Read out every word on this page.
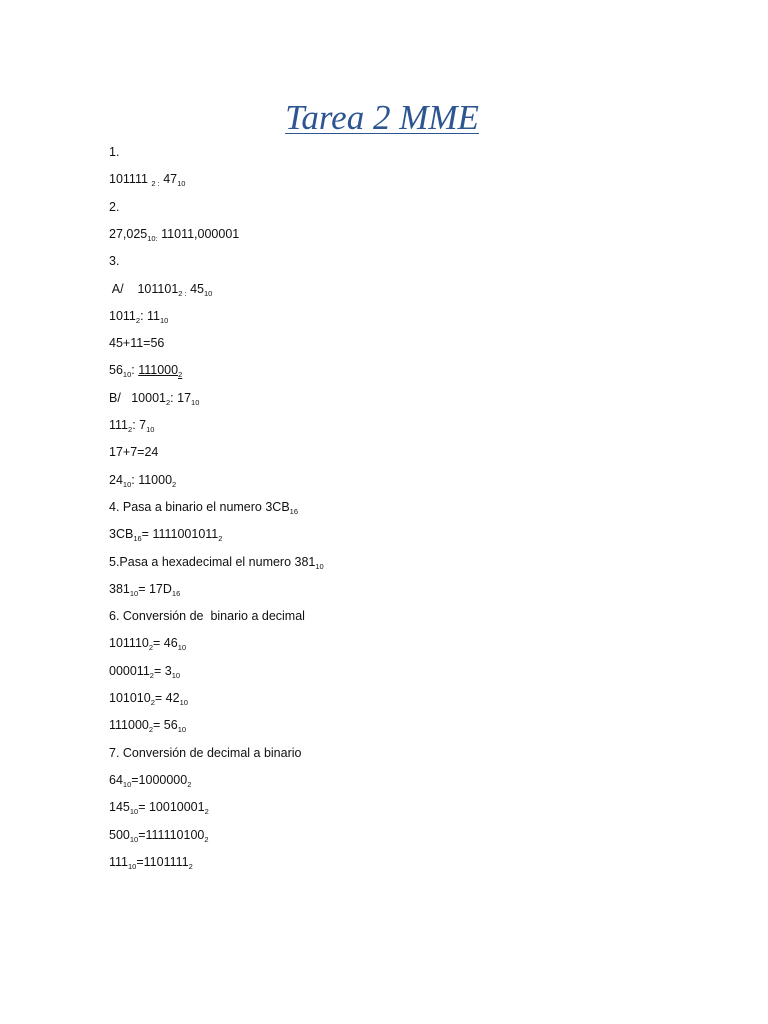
Tarea 2 MME
1.
101111 $_{2 :}$ $47_{10}$
2.
$27,025_{10:}$ 11011,000001
3.
A/    $101101_{2 :}$ $45_{10}$
$1011_2$: $11_{10}$
45+11=56
$56_{10}$: $111000_2$
B/   $10001_2$: $17_{10}$
$111_2$: $7_{10}$
17+7=24
$24_{10}$: $11000_2$
4. Pasa a binario el numero $3CB_{16}$
$3CB_{16}= 1111001011_2$
5.Pasa a hexadecimal el numero $381_{10}$
$381_{10}= 17D_{16}$
6. Conversión de  binario a decimal
$101110_2= 46_{10}$
$000011_2= 3_{10}$
$101010_2= 42_{10}$
$111000_2= 56_{10}$
7. Conversión de decimal a binario
$64_{10}=1000000_2$
$145_{10}= 10010001_2$
$500_{10}=111110100_2$
$111_{10}=1101111_2$
